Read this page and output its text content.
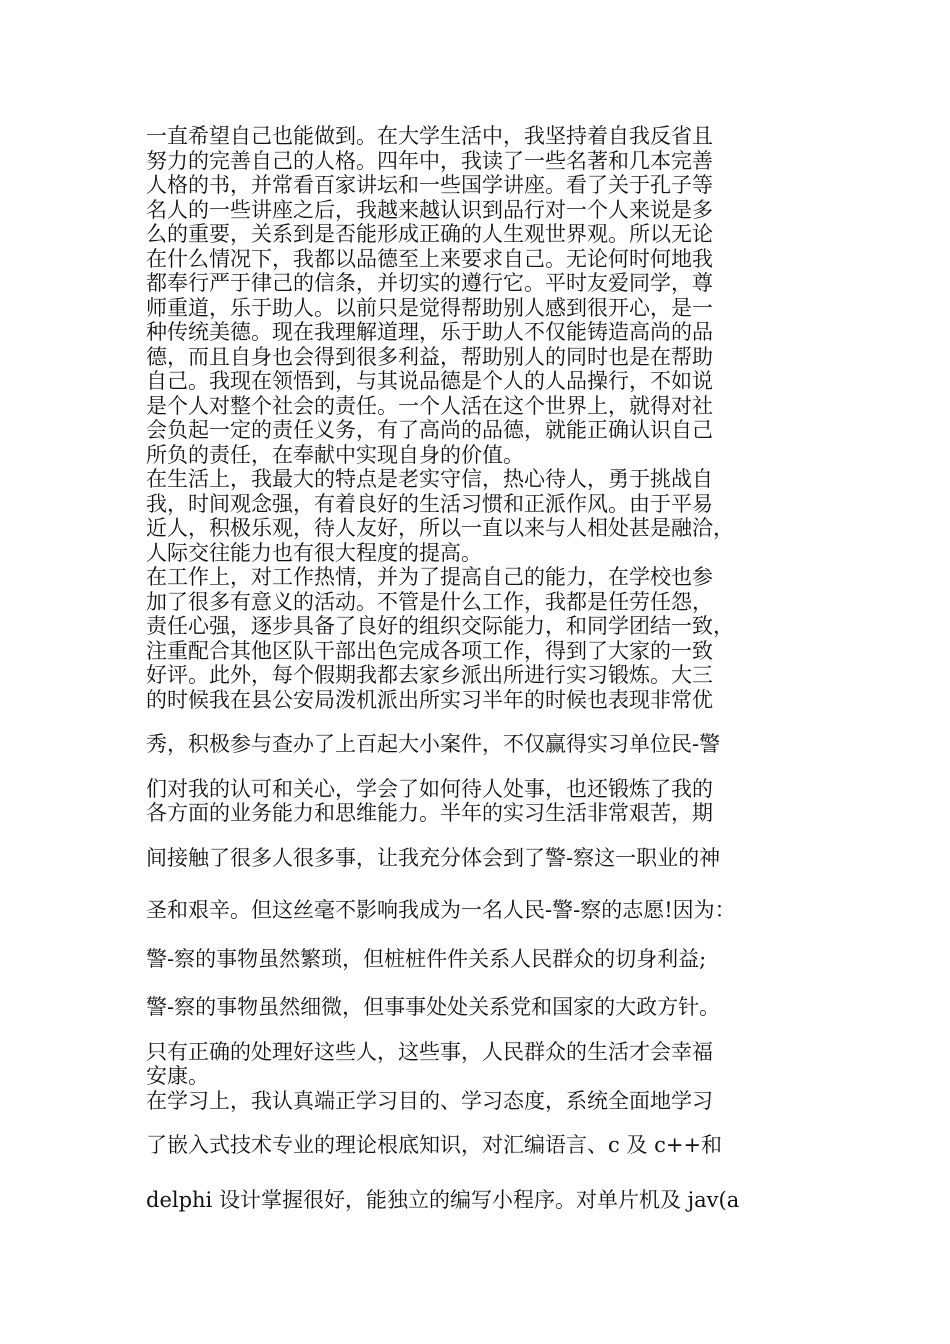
一直希望自己也能做到。在大学生活中，我坚持着自我反省且
努力的完善自己的人格。四年中，我读了一些名著和几本完善
人格的书，并常看百家讲坛和一些国学讲座。看了关于孔子等
名人的一些讲座之后，我越来越认识到品行对一个人来说是多
么的重要，关系到是否能形成正确的人生观世界观。所以无论
在什么情况下，我都以品德至上来要求自己。无论何时何地我
都奉行严于律己的信条，并切实的遵行它。平时友爱同学，尊
师重道，乐于助人。以前只是觉得帮助别人感到很开心，是一
种传统美德。现在我理解道理，乐于助人不仅能铸造高尚的品
德，而且自身也会得到很多利益，帮助别人的同时也是在帮助
自己。我现在领悟到，与其说品德是个人的人品操行，不如说
是个人对整个社会的责任。一个人活在这个世界上，就得对社
会负起一定的责任义务，有了高尚的品德，就能正确认识自己
所负的责任，在奉献中实现自身的价值。
在生活上，我最大的特点是老实守信，热心待人，勇于挑战自
我，时间观念强，有着良好的生活习惯和正派作风。由于平易
近人，积极乐观，待人友好，所以一直以来与人相处甚是融洽，
人际交往能力也有很大程度的提高。
在工作上，对工作热情，并为了提高自己的能力，在学校也参
加了很多有意义的活动。不管是什么工作，我都是任劳任怨，
责任心强，逐步具备了良好的组织交际能力，和同学团结一致，
注重配合其他区队干部出色完成各项工作，得到了大家的一致
好评。此外，每个假期我都去家乡派出所进行实习锻炼。大三
的时候我在县公安局泼机派出所实习半年的时候也表现非常优
秀，积极参与查办了上百起大小案件，不仅赢得实习单位民-警
们对我的认可和关心，学会了如何待人处事，也还锻炼了我的
各方面的业务能力和思维能力。半年的实习生活非常艰苦，期
间接触了很多人很多事，让我充分体会到了警-察这一职业的神
圣和艰辛。但这丝毫不影响我成为一名人民-警-察的志愿!因为：
警-察的事物虽然繁琐，但桩桩件件关系人民群众的切身利益;
警-察的事物虽然细微，但事事处处关系党和国家的大政方针。
只有正确的处理好这些人，这些事，人民群众的生活才会幸福
安康。
在学习上，我认真端正学习目的、学习态度，系统全面地学习
了嵌入式技术专业的理论根底知识，对汇编语言、c 及 c++和
delphi 设计掌握很好，能独立的编写小程序。对单片机及 jav(a
